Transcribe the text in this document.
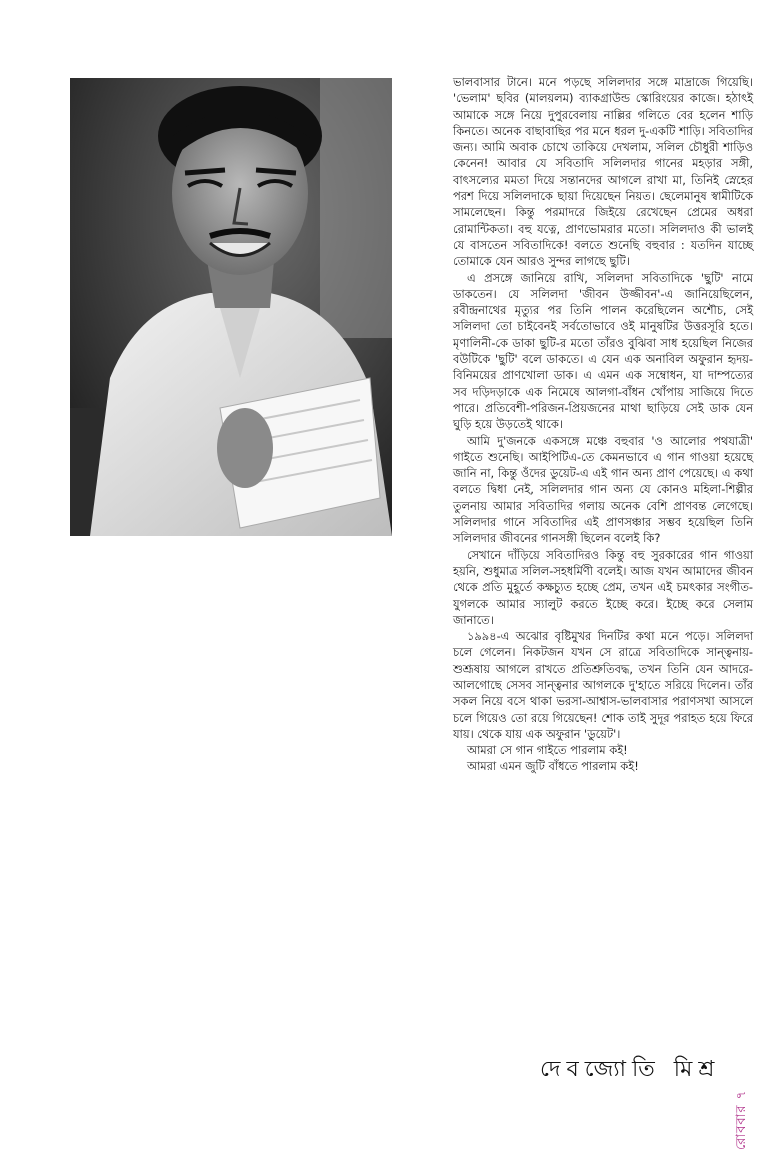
ভালবাসার টানে। মনে পড়ছে সলিলদার সঙ্গে মাদ্রাজে গিয়েছি। 'ভেলাম' ছবির (মালয়লম) ব্যাকগ্রাউন্ড স্কোরিংয়ের কাজে। হঠাৎই আমাকে সঙ্গে নিয়ে দুপুরবেলায় নাল্লির গলিতে বের হলেন শাড়ি কিনতে। অনেক বাছাবাছির পর মনে ধরল দু-একটি শাড়ি। সবিতাদির জন্য। আমি অবাক চোখে তাকিয়ে দেখলাম, সলিল চৌধুরী শাড়িও কেনেন! আবার যে সবিতাদি সলিলদার গানের মহড়ার সঙ্গী, বাৎসল্যের মমতা দিয়ে সন্তানদের আগলে রাখা মা, তিনিই স্নেহের পরশ দিয়ে সলিলদাকে ছায়া দিয়েছেন নিয়ত। ছেলেমানুষ স্বামীটিকে সামলেছেন। কিন্তু পরমাদরে জিইয়ে রেখেছেন প্রেমের অধরা রোমান্টিকতা। বহু যত্নে, প্রাণভোমরার মতো। সলিলদাও কী ভালই যে বাসতেন সবিতাদিকে! বলতে শুনেছি বহুবার : যতদিন যাচ্ছে তোমাকে যেন আরও সুন্দর লাগছে ছুটি।

এ প্রসঙ্গে জানিয়ে রাখি, সলিলদা সবিতাদিকে 'ছুটি' নামে ডাকতেন। যে সলিলদা 'জীবন উজ্জীবন'-এ জানিয়েছিলেন, রবীন্দ্রনাথের মৃত্যুর পর তিনি পালন করেছিলেন অশৌচ, সেই সলিলদা তো চাইবেনই সর্বতোভাবে ওই মানুষটির উত্তরসূরি হতে। মৃণালিনী-কে ডাকা ছুটি-র মতো তাঁরও বুঝিবা সাধ হয়েছিল নিজের বউটিকে 'ছুটি' বলে ডাকতে। এ যেন এক অনাবিল অফুরান হৃদয়-বিনিময়ের প্রাণখোলা ডাক। এ এমন এক সম্বোধন, যা দাম্পত্যের সব দড়িদড়াকে এক নিমেষে আলগা-বাঁধন খোঁপায় সাজিয়ে দিতে পারে। প্রতিবেশী-পরিজন-প্রিয়জনের মাথা ছাড়িয়ে সেই ডাক যেন ঘুড়ি হয়ে উড়তেই থাকে।

আমি দু'জনকে একসঙ্গে মঞ্চে বহুবার 'ও আলোর পথযাত্রী' গাইতে শুনেছি। আইপিটিএ-তে কেমনভাবে এ গান গাওয়া হয়েছে জানি না, কিন্তু ওঁদের ডুয়েট-এ এই গান অন্য প্রাণ পেয়েছে। এ কথা বলতে দ্বিধা নেই, সলিলদার গান অন্য যে কোনও মহিলা-শিল্পীর তুলনায় আমার সবিতাদির গলায় অনেক বেশি প্রাণবন্ত লেগেছে। সলিলদার গানে সবিতাদির এই প্রাণসঞ্চার সম্ভব হয়েছিল তিনি সলিলদার জীবনের গানসঙ্গী ছিলেন বলেই কি?

সেখানে দাঁড়িয়ে সবিতাদিরও কিন্তু বহু সুরকারের গান গাওয়া হয়নি, শুধুমাত্র সলিল-সহধর্মিণী বলেই। আজ যখন আমাদের জীবন থেকে প্রতি মুহূর্তে কক্ষচ্যুত হচ্ছে প্রেম, তখন এই চমৎকার সংগীত-যুগলকে আমার স্যালুট করতে ইচ্ছে করে। ইচ্ছে করে সেলাম জানাতে।

১৯৯৪-এ অঝোর বৃষ্টিমুখর দিনটির কথা মনে পড়ে। সলিলদা চলে গেলেন। নিকটজন যখন সে রাত্রে সবিতাদিকে সান্ত্বনায়-শুশ্রূষায় আগলে রাখতে প্রতিশ্রুতিবদ্ধ, তখন তিনি যেন আদরে-আলগোছে সেসব সান্ত্বনার আগলকে দু'হাতে সরিয়ে দিলেন। তাঁর সকল নিয়ে বসে থাকা ভরসা-আশ্বাস-ভালবাসার পরাণসখা আসলে চলে গিয়েও তো রয়ে গিয়েছেন! শোক তাই সুদূর পরাহত হয়ে ফিরে যায়। থেকে যায় এক অফুরান 'ডুয়েট'।

আমরা সে গান গাইতে পারলাম কই!

আমরা এমন জুটি বাঁধতে পারলাম কই!

দেবজ্যোতি মিশ্র
রোববার ৭
